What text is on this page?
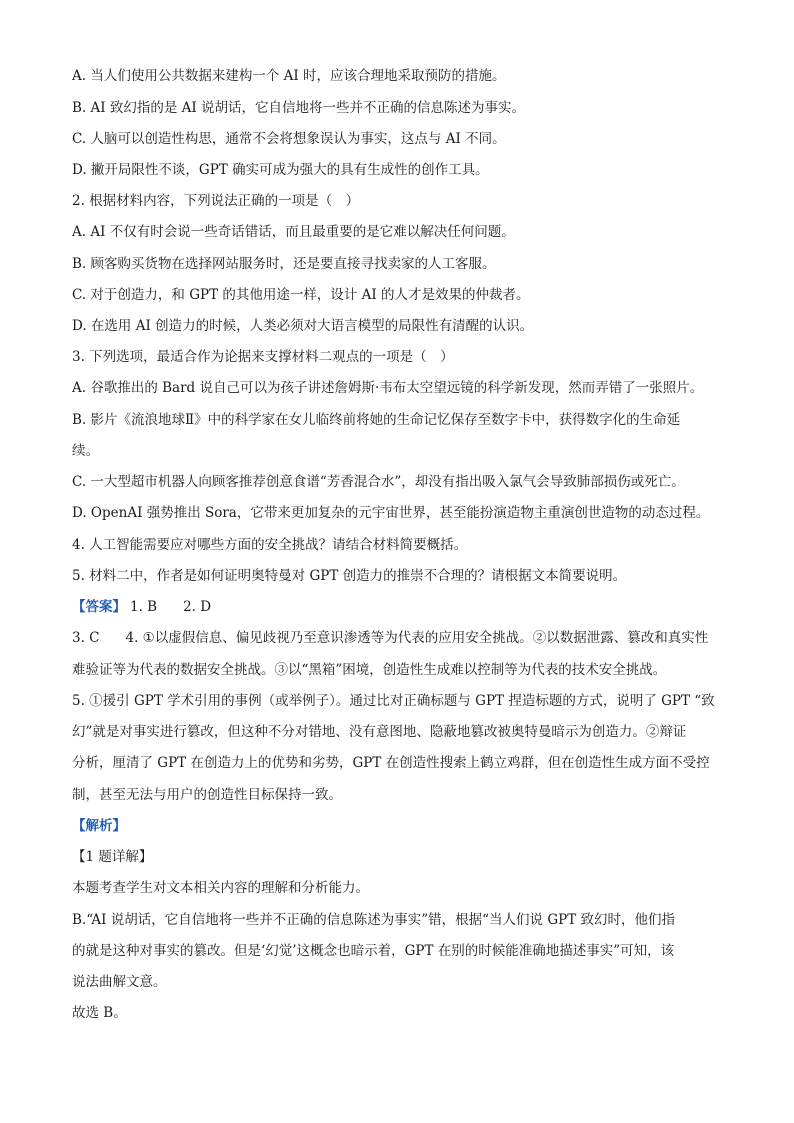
A. 当人们使用公共数据来建构一个 AI 时，应该合理地采取预防的措施。
B. AI 致幻指的是 AI 说胡话，它自信地将一些并不正确的信息陈述为事实。
C. 人脑可以创造性构思，通常不会将想象误认为事实，这点与 AI 不同。
D. 撇开局限性不谈，GPT 确实可成为强大的具有生成性的创作工具。
2. 根据材料内容，下列说法正确的一项是（　）
A. AI 不仅有时会说一些奇话错话，而且最重要的是它难以解决任何问题。
B. 顾客购买货物在选择网站服务时，还是要直接寻找卖家的人工客服。
C. 对于创造力，和 GPT 的其他用途一样，设计 AI 的人才是效果的仲裁者。
D. 在选用 AI 创造力的时候，人类必须对大语言模型的局限性有清醒的认识。
3. 下列选项，最适合作为论据来支撑材料二观点的一项是（　）
A. 谷歌推出的 Bard 说自己可以为孩子讲述詹姆斯·韦布太空望远镜的科学新发现，然而弄错了一张照片。
B. 影片《流浪地球Ⅱ》中的科学家在女儿临终前将她的生命记忆保存至数字卡中，获得数字化的生命延
续。
C. 一大型超市机器人向顾客推荐创意食谱“芳香混合水”，却没有指出吸入氯气会导致肺部损伤或死亡。
D. OpenAI 强势推出 Sora，它带来更加复杂的元宇宙世界，甚至能扮演造物主重演创世造物的动态过程。
4. 人工智能需要应对哪些方面的安全挑战？请结合材料简要概括。
5. 材料二中，作者是如何证明奥特曼对 GPT 创造力的推崇不合理的？请根据文本简要说明。
【答案】 1. B 2. D
3. C 4. ①以虚假信息、偏见歧视乃至意识渗透等为代表的应用安全挑战。②以数据泄露、篡改和真实性
难验证等为代表的数据安全挑战。③以“黑箱”困境，创造性生成难以控制等为代表的技术安全挑战。
5. ①援引 GPT 学术引用的事例（或举例子）。通过比对正确标题与 GPT 捏造标题的方式，说明了 GPT “致
幻”就是对事实进行篡改，但这种不分对错地、没有意图地、隐蔽地篡改被奥特曼暗示为创造力。②辩证
分析，厘清了 GPT 在创造力上的优势和劣势，GPT 在创造性搜索上鹤立鸡群，但在创造性生成方面不受控
制，甚至无法与用户的创造性目标保持一致。
【解析】
【1 题详解】
本题考查学生对文本相关内容的理解和分析能力。
B.“AI 说胡话，它自信地将一些并不正确的信息陈述为事实”错，根据“当人们说 GPT 致幻时，他们指
的就是这种对事实的篡改。但是‘幻觉’这概念也暗示着，GPT 在别的时候能准确地描述事实”可知，该
说法曲解文意。
故选 B。
